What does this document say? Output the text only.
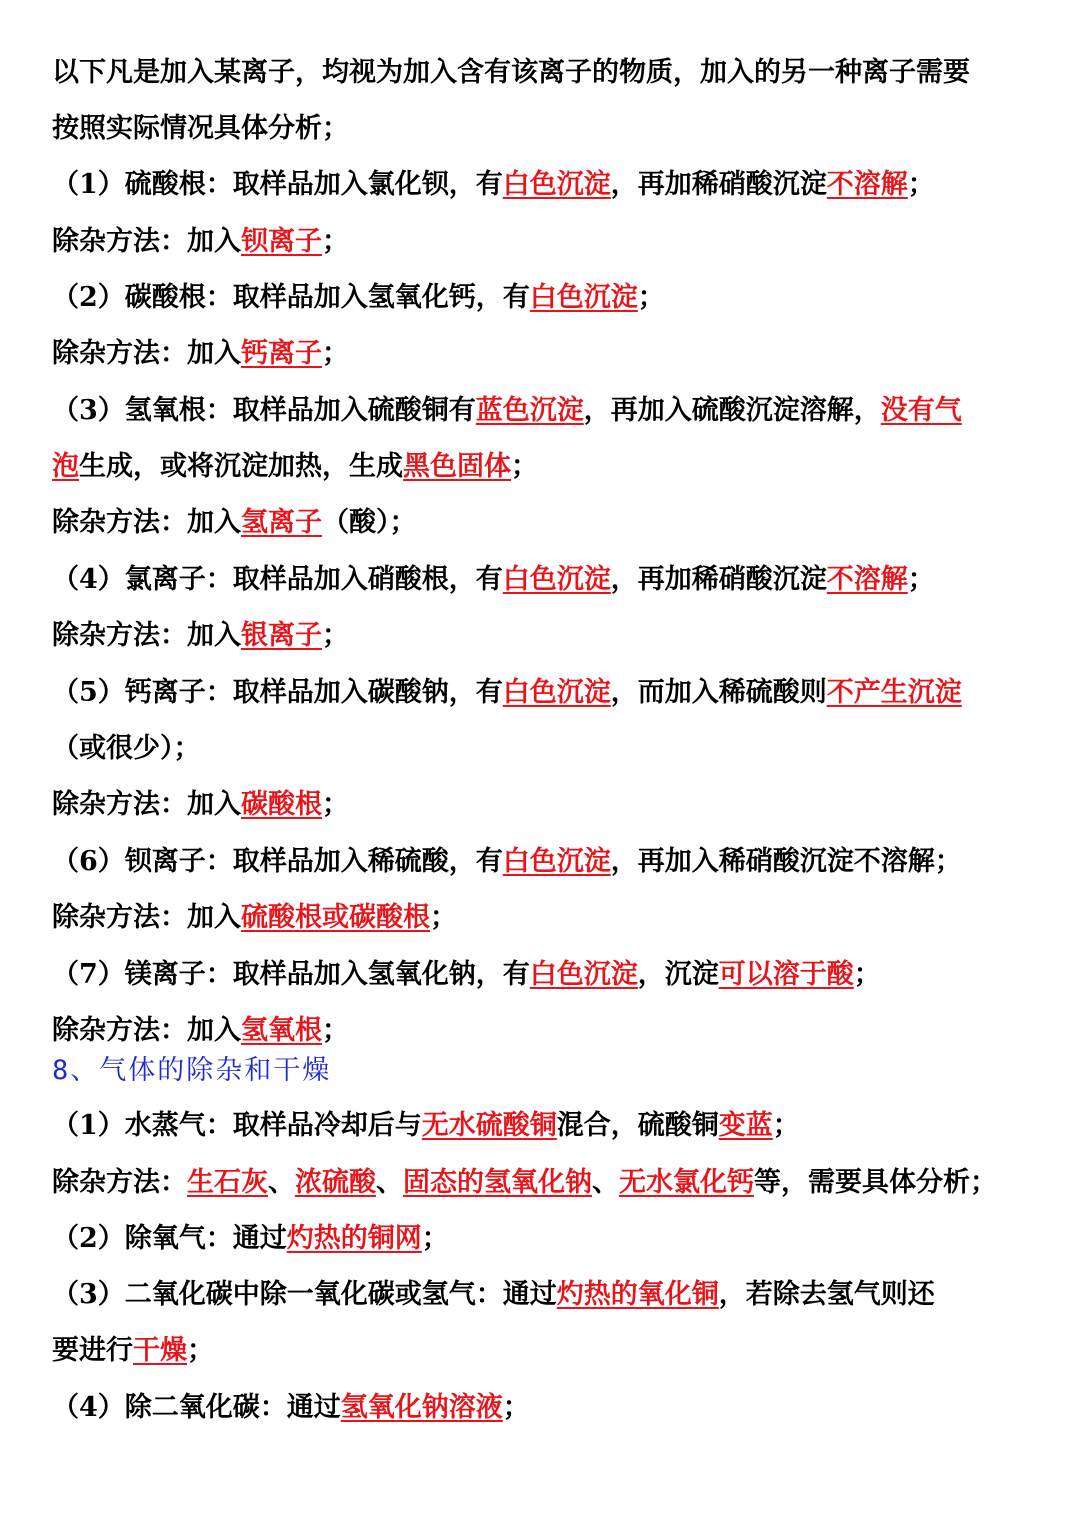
以下凡是加入某离子，均视为加入含有该离子的物质，加入的另一种离子需要
按照实际情况具体分析；
（1）硫酸根：取样品加入氯化钡，有白色沉淀，再加稀硝酸沉淀不溶解；
除杂方法：加入钡离子；
（2）碳酸根：取样品加入氢氧化钙，有白色沉淀；
除杂方法：加入钙离子；
（3）氢氧根：取样品加入硫酸铜有蓝色沉淀，再加入硫酸沉淀溶解，没有气
泡生成，或将沉淀加热，生成黑色固体；
除杂方法：加入氢离子（酸）；
（4）氯离子：取样品加入硝酸根，有白色沉淀，再加稀硝酸沉淀不溶解；
除杂方法：加入银离子；
（5）钙离子：取样品加入碳酸钠，有白色沉淀，而加入稀硫酸则不产生沉淀
（或很少）；
除杂方法：加入碳酸根；
（6）钡离子：取样品加入稀硫酸，有白色沉淀，再加入稀硝酸沉淀不溶解；
除杂方法：加入硫酸根或碳酸根；
（7）镁离子：取样品加入氢氧化钠，有白色沉淀，沉淀可以溶于酸；
除杂方法：加入氢氧根；
8、气体的除杂和干燥
（1）水蒸气：取样品冷却后与无水硫酸铜混合，硫酸铜变蓝；
除杂方法：生石灰、浓硫酸、固态的氢氧化钠、无水氯化钙等，需要具体分析；
（2）除氧气：通过灼热的铜网；
（3）二氧化碳中除一氧化碳或氢气：通过灼热的氧化铜，若除去氢气则还
要进行干燥；
（4）除二氧化碳：通过氢氧化钠溶液；
